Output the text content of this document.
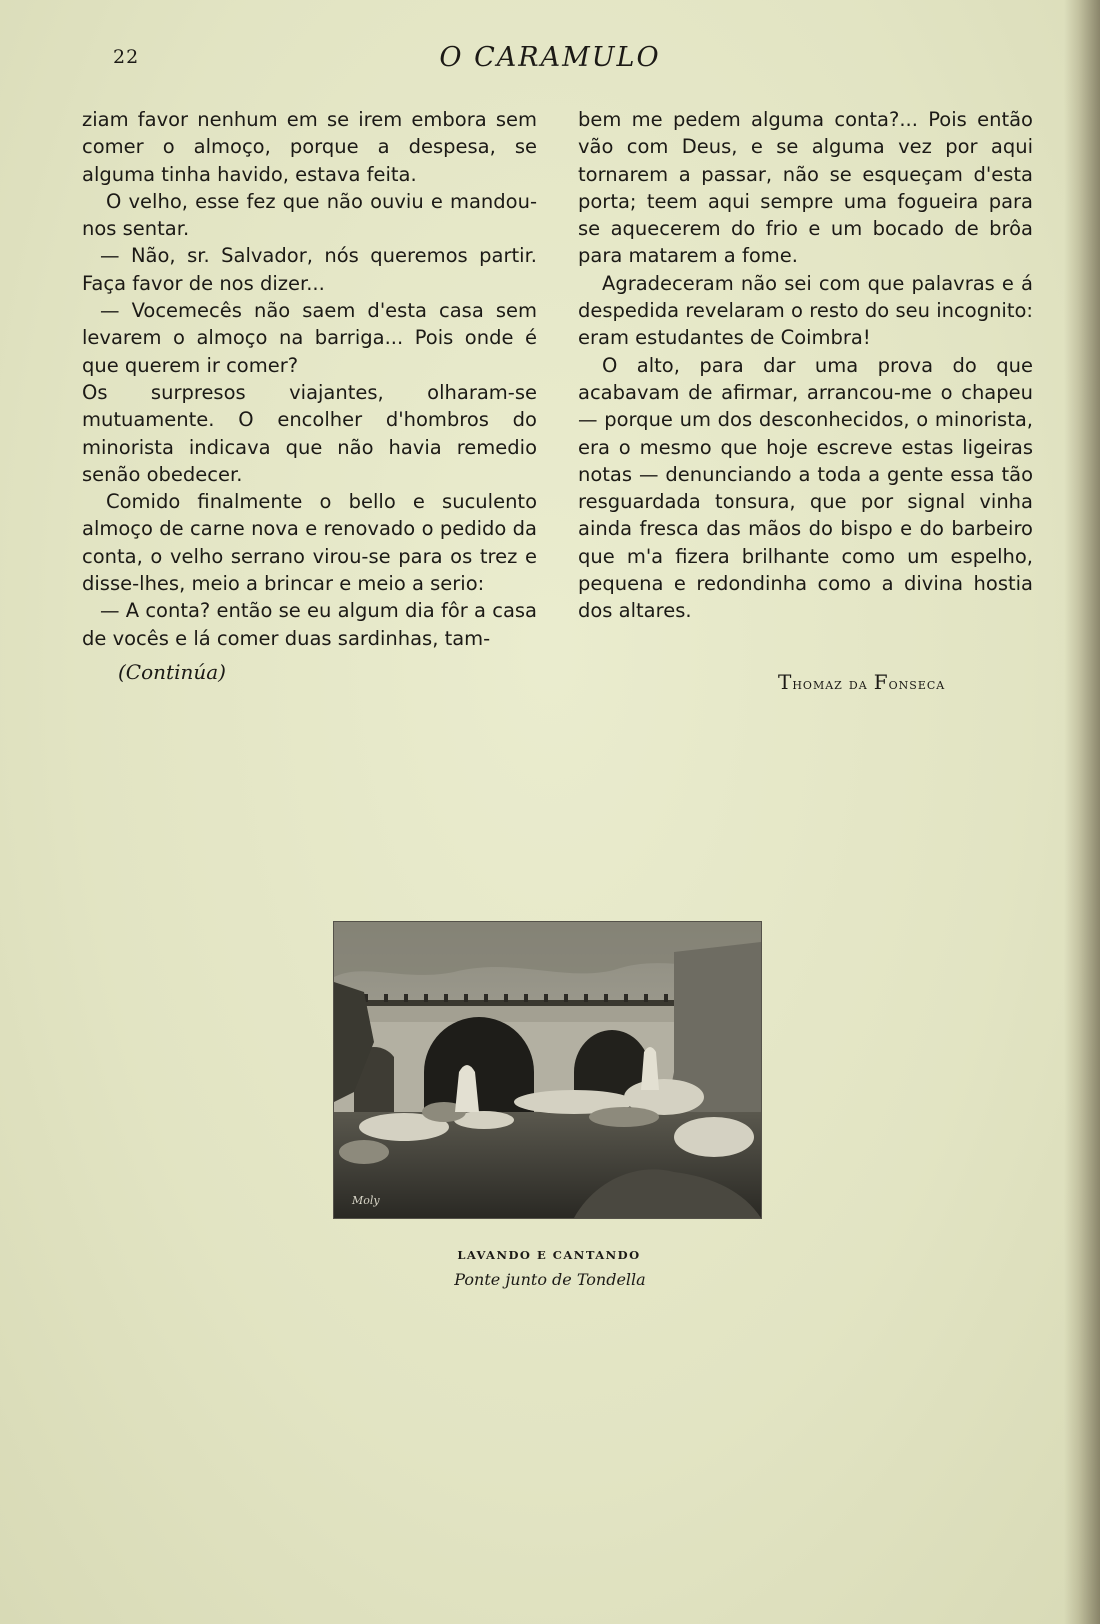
22	O CARAMULO

ziam favor nenhum em se irem embora sem comer o almoço, porque a despesa, se alguma tinha havido, estava feita.

O velho, esse fez que não ouviu e mandou-nos sentar.

— Não, sr. Salvador, nós queremos partir. Faça favor de nos dizer...

— Vocemecês não saem d'esta casa sem levarem o almoço na barriga... Pois onde é que querem ir comer?

Os surpresos viajantes, olharam-se mutuamente. O encolher d'hombros do minorista indicava que não havia remedio senão obedecer.

Comido finalmente o bello e suculento almoço de carne nova e renovado o pedido da conta, o velho serrano virou-se para os trez e disse-lhes, meio a brincar e meio a serio:

— A conta? então se eu algum dia fôr a casa de vocês e lá comer duas sardinhas, tam-

bem me pedem alguma conta?... Pois então vão com Deus, e se alguma vez por aqui tornarem a passar, não se esqueçam d'esta porta; teem aqui sempre uma fogueira para se aquecerem do frio e um bocado de brôa para matarem a fome.

Agradeceram não sei com que palavras e á despedida revelaram o resto do seu incognito: eram estudantes de Coimbra!

O alto, para dar uma prova do que acabavam de afirmar, arrancou-me o chapeu — porque um dos desconhecidos, o minorista, era o mesmo que hoje escreve estas ligeiras notas — denunciando a toda a gente essa tão resguardada tonsura, que por signal vinha ainda fresca das mãos do bispo e do barbeiro que m'a fizera brilhante como um espelho, pequena e redondinha como a divina hostia dos altares.

(Continúa)	Thomaz da Fonseca
Moly
LAVANDO E CANTANDO
Ponte junto de Tondella
